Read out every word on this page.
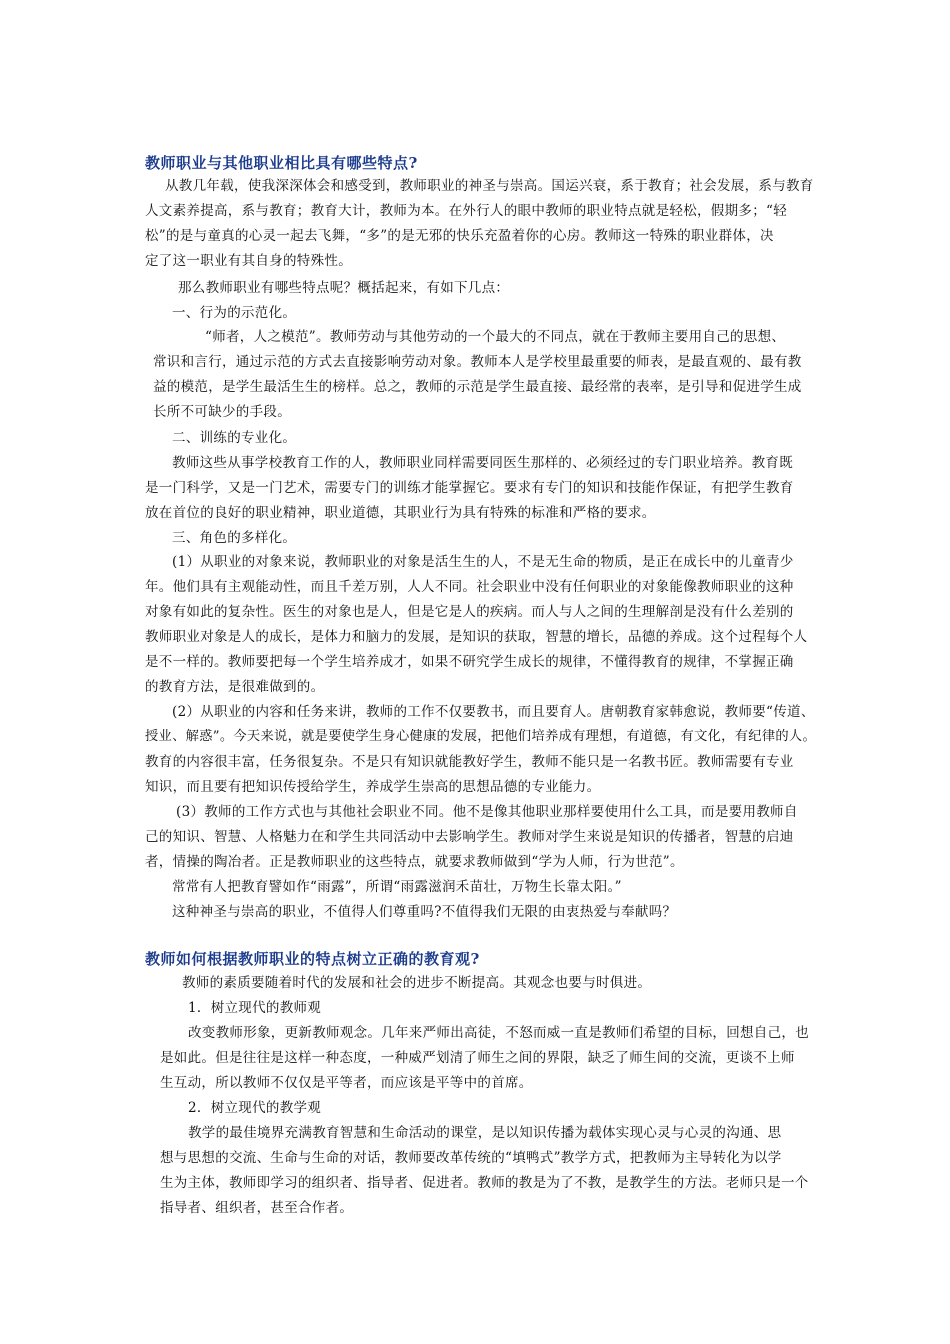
教师职业与其他职业相比具有哪些特点?
从教几年载，使我深深体会和感受到，教师职业的神圣与崇高。国运兴衰，系于教育；社会发展，系与教育
人文素养提高，系与教育；教育大计，教师为本。在外行人的眼中教师的职业特点就是轻松，假期多；“轻
松”的是与童真的心灵一起去飞舞，“多”的是无邪的快乐充盈着你的心房。教师这一特殊的职业群体，决
定了这一职业有其自身的特殊性。
那么教师职业有哪些特点呢？概括起来，有如下几点：
一、行为的示范化。
“师者，人之模范”。教师劳动与其他劳动的一个最大的不同点，就在于教师主要用自己的思想、
常识和言行，通过示范的方式去直接影响劳动对象。教师本人是学校里最重要的师表，是最直观的、最有教
益的模范，是学生最活生生的榜样。总之，教师的示范是学生最直接、最经常的表率，是引导和促进学生成
长所不可缺少的手段。
二、训练的专业化。
教师这些从事学校教育工作的人，教师职业同样需要同医生那样的、必须经过的专门职业培养。教育既
是一门科学，又是一门艺术，需要专门的训练才能掌握它。要求有专门的知识和技能作保证，有把学生教育
放在首位的良好的职业精神，职业道德，其职业行为具有特殊的标准和严格的要求。
三、角色的多样化。
(1）从职业的对象来说，教师职业的对象是活生生的人，不是无生命的物质，是正在成长中的儿童青少
年。他们具有主观能动性，而且千差万别，人人不同。社会职业中没有任何职业的对象能像教师职业的这种
对象有如此的复杂性。医生的对象也是人，但是它是人的疾病。而人与人之间的生理解剖是没有什么差别的
教师职业对象是人的成长，是体力和脑力的发展，是知识的获取，智慧的增长，品德的养成。这个过程每个人
是不一样的。教师要把每一个学生培养成才，如果不研究学生成长的规律，不懂得教育的规律，不掌握正确
的教育方法，是很难做到的。
(2）从职业的内容和任务来讲，教师的工作不仅要教书，而且要育人。唐朝教育家韩愈说，教师要“传道、
授业、解惑”。今天来说，就是要使学生身心健康的发展，把他们培养成有理想，有道德，有文化，有纪律的人。
教育的内容很丰富，任务很复杂。不是只有知识就能教好学生，教师不能只是一名教书匠。教师需要有专业
知识，而且要有把知识传授给学生，养成学生崇高的思想品德的专业能力。
(3）教师的工作方式也与其他社会职业不同。他不是像其他职业那样要使用什么工具，而是要用教师自
己的知识、智慧、人格魅力在和学生共同活动中去影响学生。教师对学生来说是知识的传播者，智慧的启迪
者，情操的陶冶者。正是教师职业的这些特点，就要求教师做到“学为人师，行为世范”。
常常有人把教育譬如作“雨露”，所谓“雨露滋润禾苗壮，万物生长靠太阳。”
这种神圣与崇高的职业，不值得人们尊重吗?不值得我们无限的由衷热爱与奉献吗？
教师如何根据教师职业的特点树立正确的教育观?
教师的素质要随着时代的发展和社会的进步不断提高。其观念也要与时俱进。
1．树立现代的教师观
改变教师形象，更新教师观念。几年来严师出高徒，不怒而威一直是教师们希望的目标，回想自己，也
是如此。但是往往是这样一种态度，一种威严划清了师生之间的界限，缺乏了师生间的交流，更谈不上师
生互动，所以教师不仅仅是平等者，而应该是平等中的首席。
2．树立现代的教学观
教学的最佳境界充满教育智慧和生命活动的课堂，是以知识传播为载体实现心灵与心灵的沟通、思
想与思想的交流、生命与生命的对话，教师要改革传统的“填鸭式”教学方式，把教师为主导转化为以学
生为主体，教师即学习的组织者、指导者、促进者。教师的教是为了不教，是教学生的方法。老师只是一个
指导者、组织者，甚至合作者。
